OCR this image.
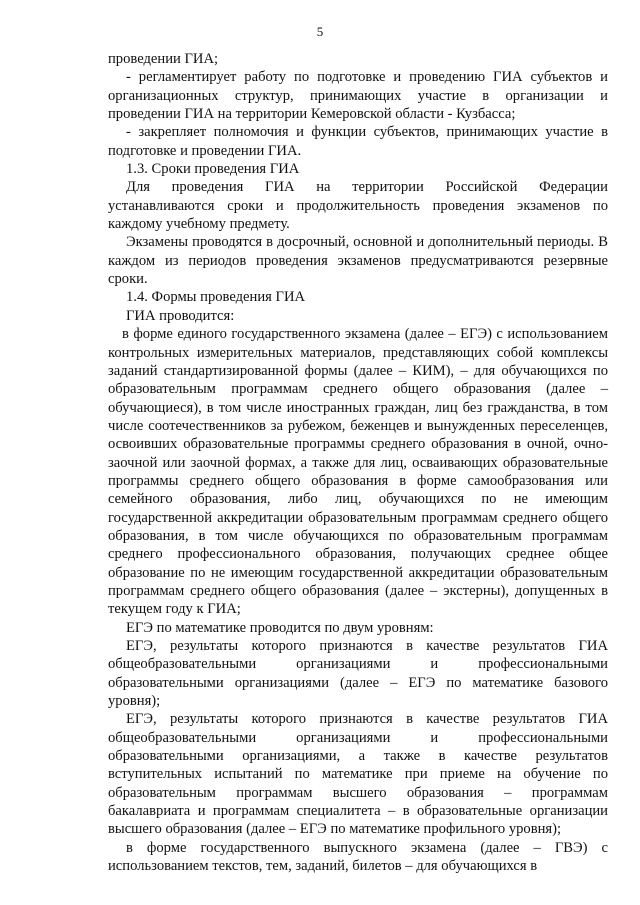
5

проведении ГИА;

- регламентирует работу по подготовке и проведению ГИА субъектов и организационных структур, принимающих участие в организации и проведении ГИА на территории Кемеровской области - Кузбасса;

- закрепляет полномочия и функции субъектов, принимающих участие в подготовке и проведении ГИА.

1.3. Сроки проведения ГИА

Для проведения ГИА на территории Российской Федерации устанавливаются сроки и продолжительность проведения экзаменов по каждому учебному предмету.

Экзамены проводятся в досрочный, основной и дополнительный периоды. В каждом из периодов проведения экзаменов предусматриваются резервные сроки.

1.4. Формы проведения ГИА

ГИА проводится:

в форме единого государственного экзамена (далее – ЕГЭ) с использованием контрольных измерительных материалов, представляющих собой комплексы заданий стандартизированной формы (далее – КИМ), – для обучающихся по образовательным программам среднего общего образования (далее – обучающиеся), в том числе иностранных граждан, лиц без гражданства, в том числе соотечественников за рубежом, беженцев и вынужденных переселенцев, освоивших образовательные программы среднего образования в очной, очно-заочной или заочной формах, а также для лиц, осваивающих образовательные программы среднего общего образования в форме самообразования или семейного образования, либо лиц, обучающихся по не имеющим государственной аккредитации образовательным программам среднего общего образования, в том числе обучающихся по образовательным программам среднего профессионального образования, получающих среднее общее образование по не имеющим государственной аккредитации образовательным программам среднего общего образования (далее – экстерны), допущенных в текущем году к ГИА;

ЕГЭ по математике проводится по двум уровням:

ЕГЭ, результаты которого признаются в качестве результатов ГИА общеобразовательными организациями и профессиональными образовательными организациями (далее – ЕГЭ по математике базового уровня);

ЕГЭ, результаты которого признаются в качестве результатов ГИА общеобразовательными организациями и профессиональными образовательными организациями, а также в качестве результатов вступительных испытаний по математике при приеме на обучение по образовательным программам высшего образования – программам бакалавриата и программам специалитета – в образовательные организации высшего образования (далее – ЕГЭ по математике профильного уровня);

в форме государственного выпускного экзамена (далее – ГВЭ) с использованием текстов, тем, заданий, билетов – для обучающихся в
